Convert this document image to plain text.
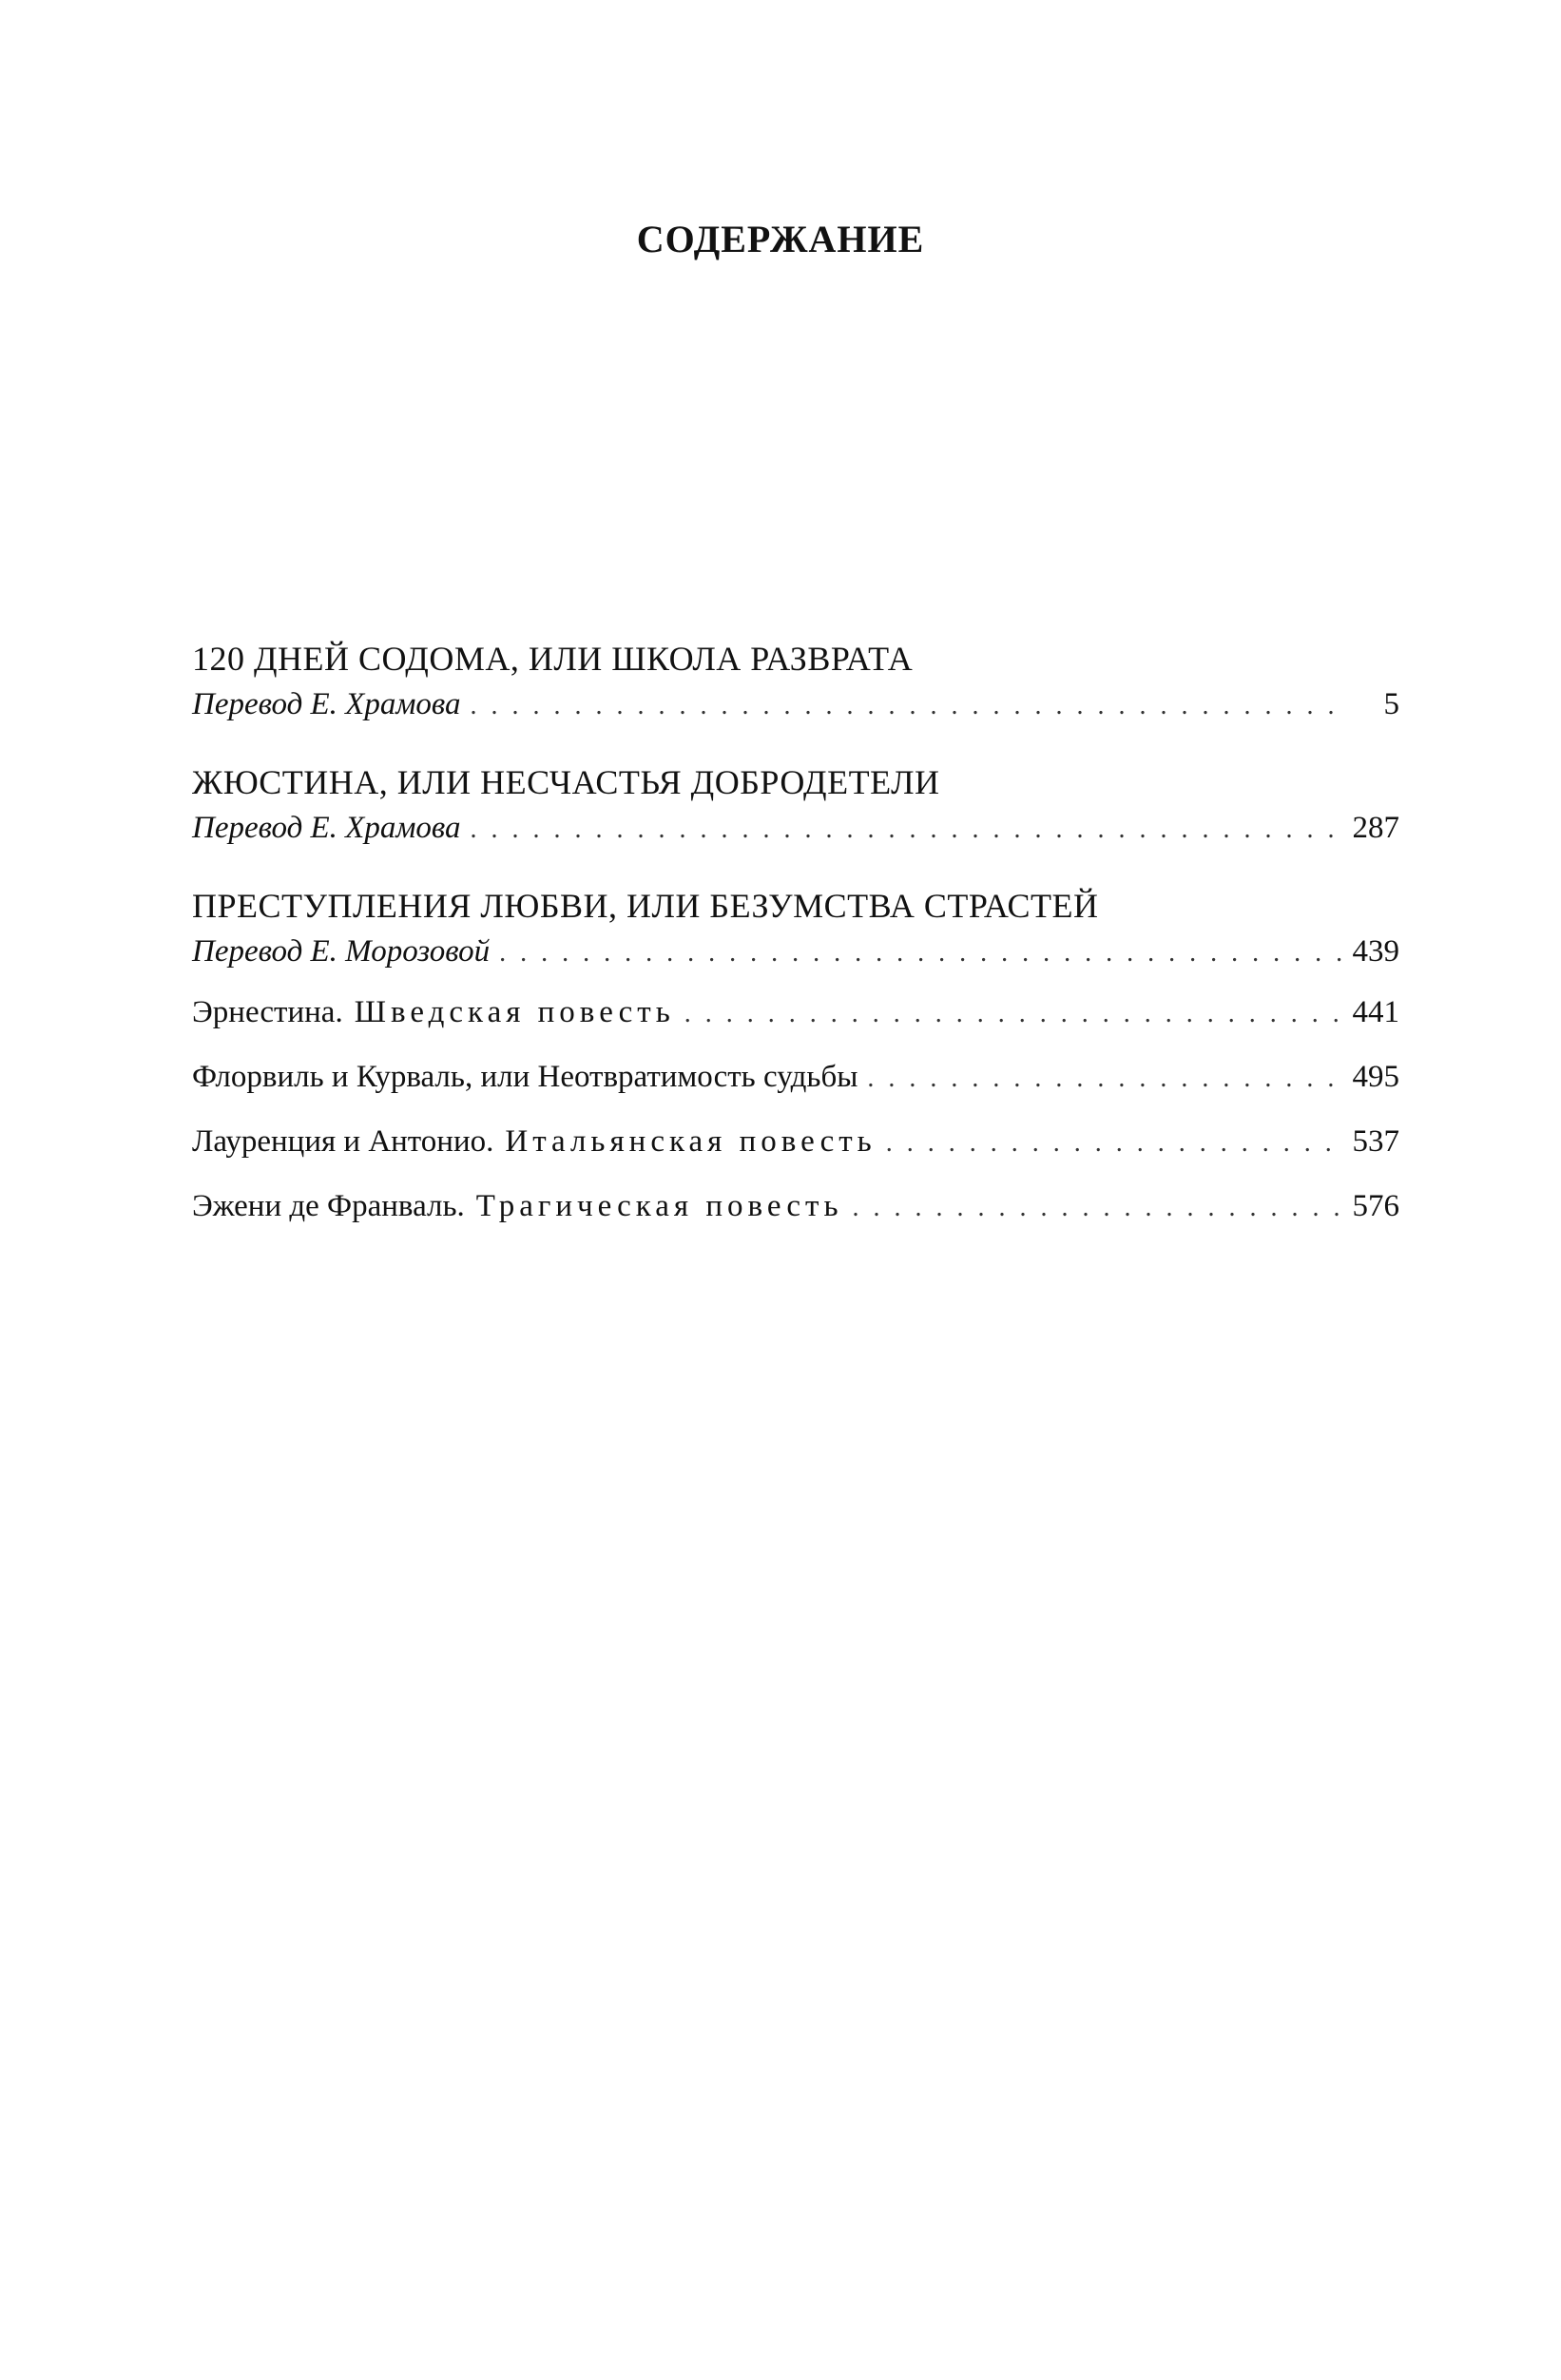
СОДЕРЖАНИЕ
120 ДНЕЙ СОДОМА, ИЛИ ШКОЛА РАЗВРАТА
Перевод Е. Храмова . . .	5
ЖЮСТИНА, ИЛИ НЕСЧАСТЬЯ ДОБРОДЕТЕЛИ
Перевод Е. Храмова . . .	287
ПРЕСТУПЛЕНИЯ ЛЮБВИ, ИЛИ БЕЗУМСТВА СТРАСТЕЙ
Перевод Е. Морозовой . . .	439
Эрнестина. Шведская повесть . . .	441
Флорвиль и Курваль, или Неотвратимость судьбы . . .	495
Лауренция и Антонио. Итальянская повесть . . .	537
Эжени де Франваль. Трагическая повесть . . .	576
